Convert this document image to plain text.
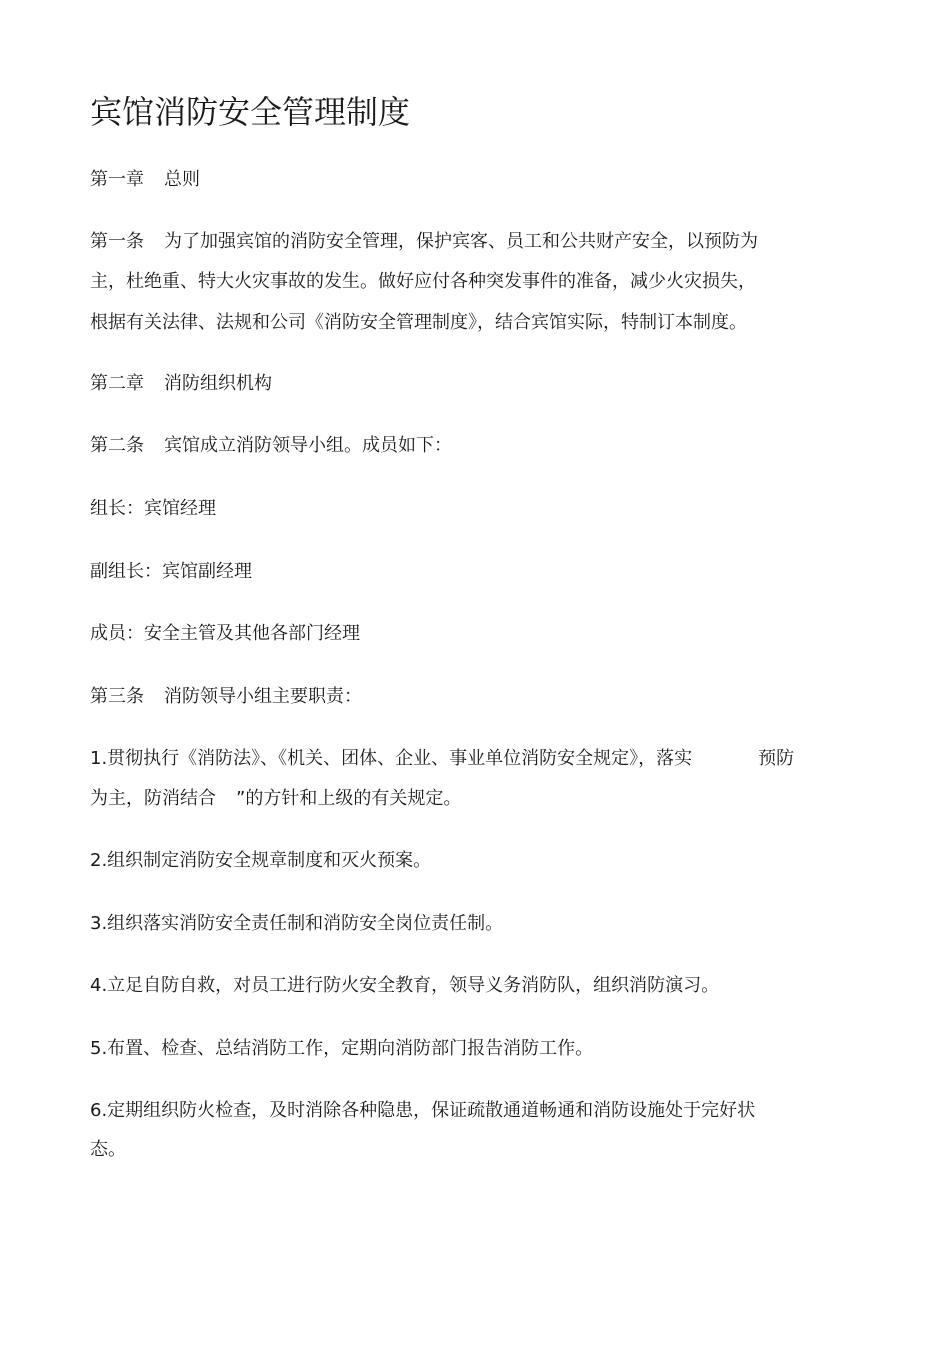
宾馆消防安全管理制度

第一章 总则

第一条 为了加强宾馆的消防安全管理，保护宾客、员工和公共财产安全，以预防为

主，杜绝重、特大火灾事故的发生。做好应付各种突发事件的准备，减少火灾损失，

根据有关法律、法规和公司《消防安全管理制度》，结合宾馆实际，特制订本制度。

第二章 消防组织机构

第二条 宾馆成立消防领导小组。成员如下：

组长：宾馆经理

副组长：宾馆副经理

成员：安全主管及其他各部门经理

第三条 消防领导小组主要职责：

1.贯彻执行《消防法》、《机关、团体、企业、事业单位消防安全规定》，落实	预防

为主，防消结合 ”的方针和上级的有关规定。

2.组织制定消防安全规章制度和灭火预案。

3.组织落实消防安全责任制和消防安全岗位责任制。

4.立足自防自救，对员工进行防火安全教育，领导义务消防队，组织消防演习。

5.布置、检查、总结消防工作，定期向消防部门报告消防工作。

6.定期组织防火检查，及时消除各种隐患，保证疏散通道畅通和消防设施处于完好状

态。
